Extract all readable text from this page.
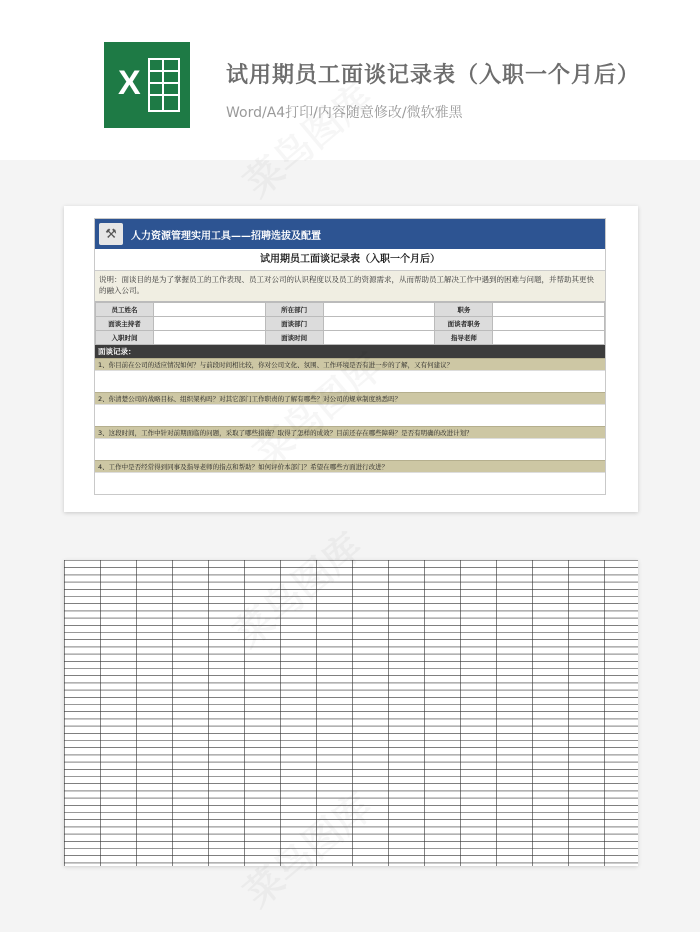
X	试用期员工面谈记录表（入职一个月后）
Word/A4打印/内容随意修改/微软雅黑
⚒	人力资源管理实用工具——招聘选拔及配置
试用期员工面谈记录表（入职一个月后）
说明：面谈目的是为了掌握员工的工作表现、员工对公司的认识程度以及员工的资源需求，从而帮助员工解决工作中遇到的困难与问题，并帮助其更快的融入公司。
员工姓名		所在部门		职务	
面谈主持者		面谈部门		面谈者职务	
入职时间		面谈时间		指导老师	
面谈记录：
1、你目前在公司的适应情况如何？与前段时间相比较，你对公司文化、氛围、工作环境是否有进一步的了解，又有何建议？
2、你清楚公司的战略目标、组织架构吗？对其它部门工作职责的了解有哪些？对公司的规章制度熟悉吗？
3、这段时间，工作中针对前期面临的问题，采取了哪些措施？取得了怎样的成效？目前还存在哪些障碍？是否有明确的改进计划？
4、工作中是否经常得到同事及指导老师的指点和帮助？如何评价本部门？希望在哪些方面进行改进？
